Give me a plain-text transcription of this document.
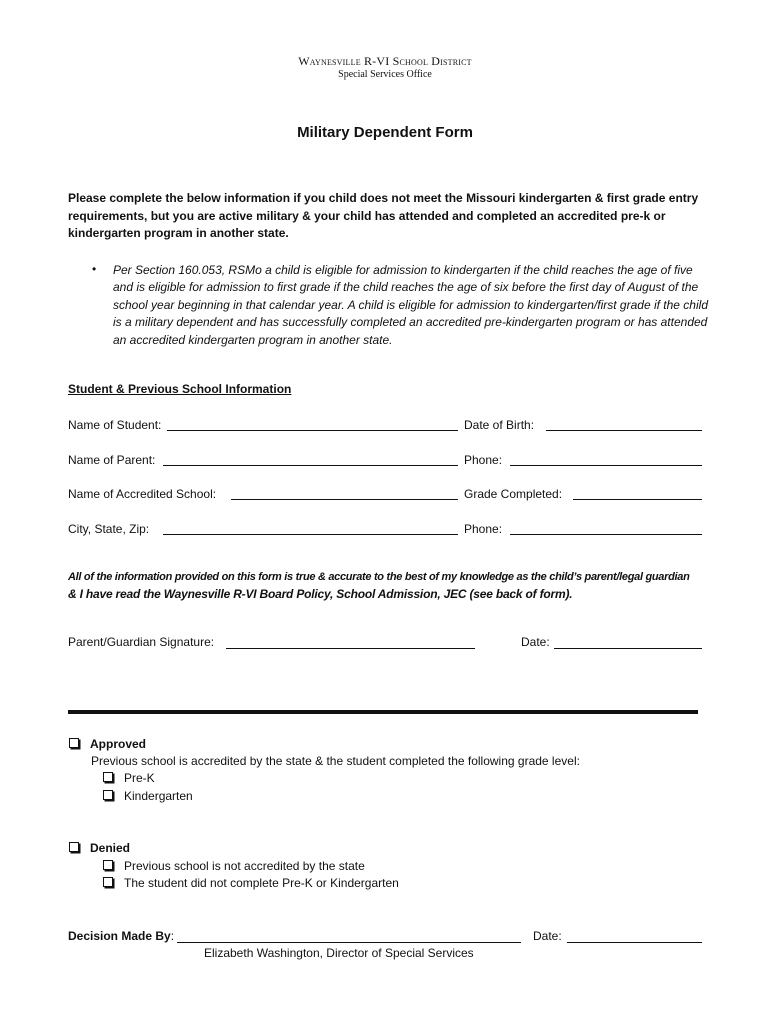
Waynesville R-VI School District
Special Services Office
Military Dependent Form
Please complete the below information if you child does not meet the Missouri kindergarten & first grade entry requirements, but you are active military & your child has attended and completed an accredited pre-k or kindergarten program in another state.
• Per Section 160.053, RSMo a child is eligible for admission to kindergarten if the child reaches the age of five and is eligible for admission to first grade if the child reaches the age of six before the first day of August of the school year beginning in that calendar year. A child is eligible for admission to kindergarten/first grade if the child is a military dependent and has successfully completed an accredited pre-kindergarten program or has attended an accredited kindergarten program in another state.
Student & Previous School Information
Name of Student:	Date of Birth:
Name of Parent:	Phone:
Name of Accredited School:	Grade Completed:
City, State, Zip:	Phone:
All of the information provided on this form is true & accurate to the best of my knowledge as the child’s parent/legal guardian
& I have read the Waynesville R-VI Board Policy, School Admission, JEC (see back of form).
Parent/Guardian Signature:	Date:
Approved
Previous school is accredited by the state & the student completed the following grade level:
Pre-K
Kindergarten
Denied
Previous school is not accredited by the state
The student did not complete Pre-K or Kindergarten
Decision Made By:	Date:
Elizabeth Washington, Director of Special Services
